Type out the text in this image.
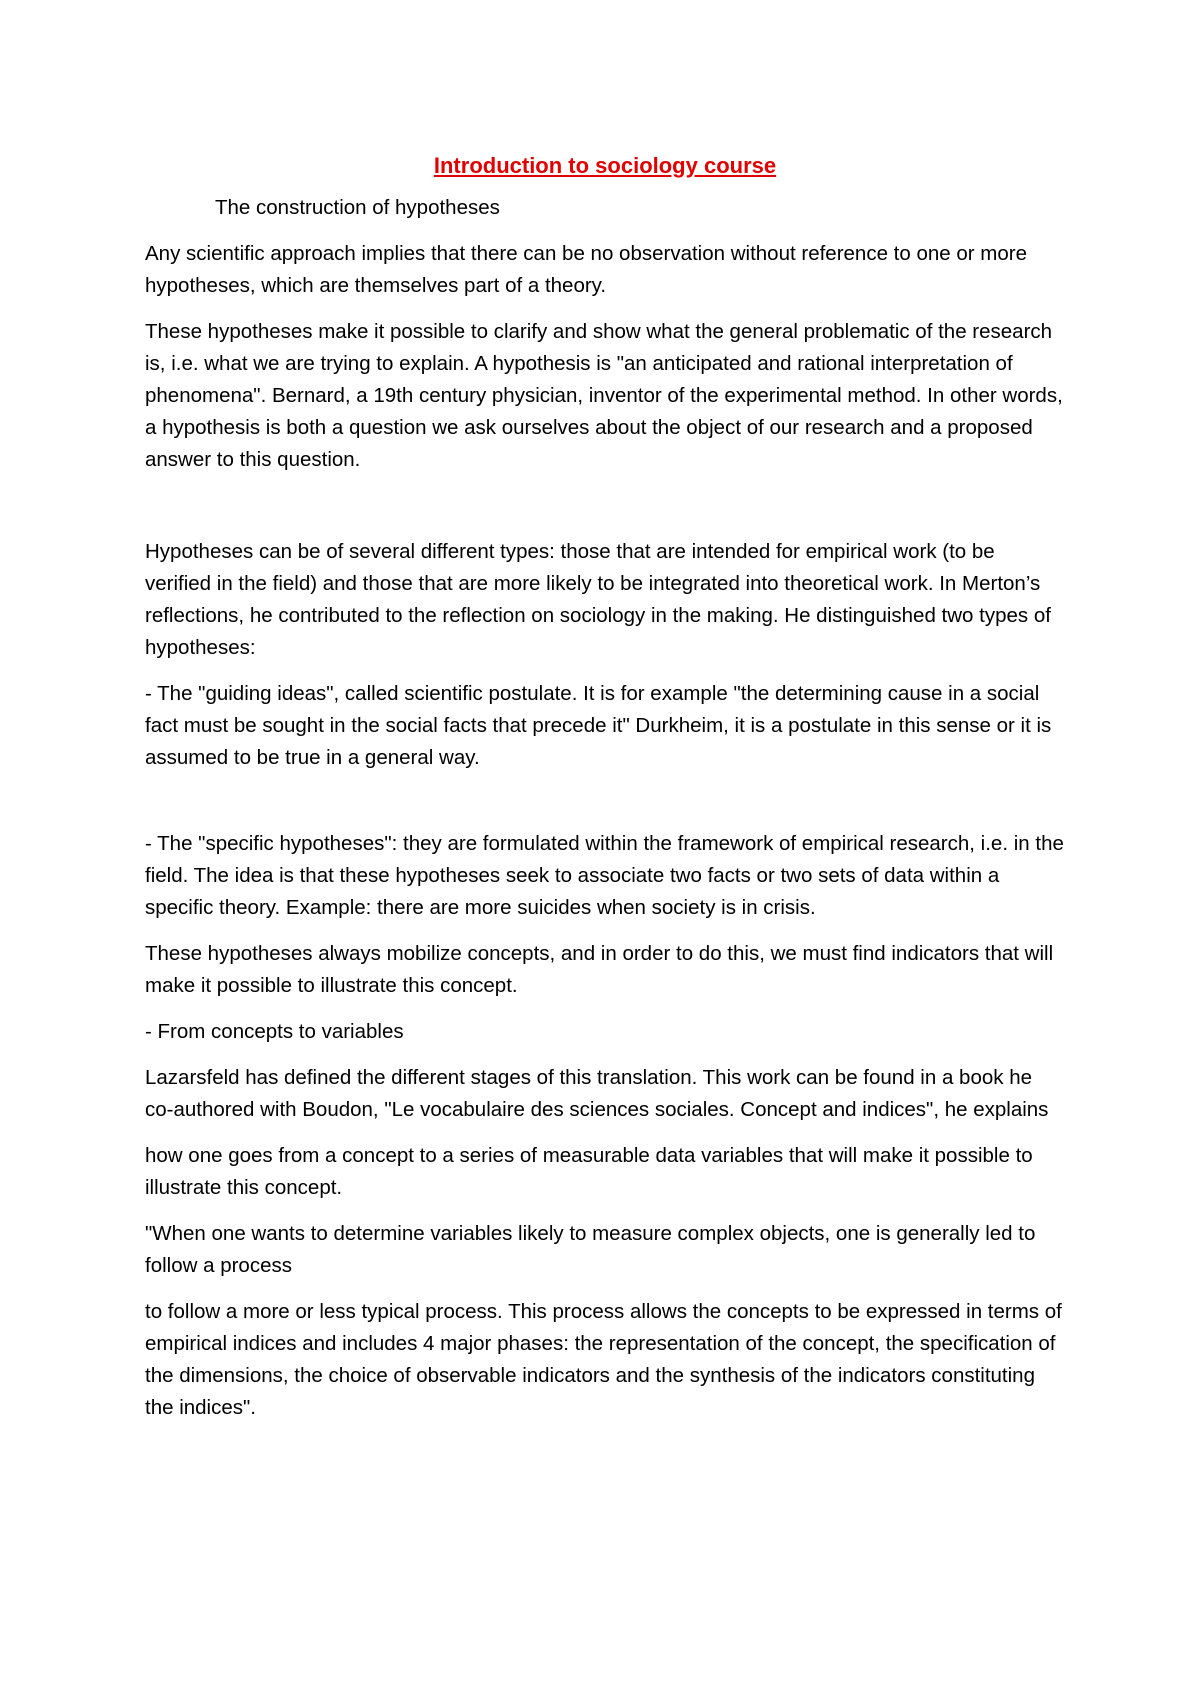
Introduction to sociology course
The construction of hypotheses

Any scientific approach implies that there can be no observation without reference to one or more hypotheses, which are themselves part of a theory.

These hypotheses make it possible to clarify and show what the general problematic of the research is, i.e. what we are trying to explain. A hypothesis is "an anticipated and rational interpretation of phenomena". Bernard, a 19th century physician, inventor of the experimental method. In other words, a hypothesis is both a question we ask ourselves about the object of our research and a proposed answer to this question.

Hypotheses can be of several different types: those that are intended for empirical work (to be verified in the field) and those that are more likely to be integrated into theoretical work. In Merton’s reflections, he contributed to the reflection on sociology in the making. He distinguished two types of hypotheses:

- The "guiding ideas", called scientific postulate. It is for example "the determining cause in a social fact must be sought in the social facts that precede it" Durkheim, it is a postulate in this sense or it is assumed to be true in a general way.

- The "specific hypotheses": they are formulated within the framework of empirical research, i.e. in the field. The idea is that these hypotheses seek to associate two facts or two sets of data within a specific theory. Example: there are more suicides when society is in crisis.

These hypotheses always mobilize concepts, and in order to do this, we must find indicators that will make it possible to illustrate this concept.

- From concepts to variables

Lazarsfeld has defined the different stages of this translation. This work can be found in a book he co-authored with Boudon, "Le vocabulaire des sciences sociales. Concept and indices", he explains

how one goes from a concept to a series of measurable data variables that will make it possible to illustrate this concept.

"When one wants to determine variables likely to measure complex objects, one is generally led to follow a process

to follow a more or less typical process. This process allows the concepts to be expressed in terms of empirical indices and includes 4 major phases: the representation of the concept, the specification of the dimensions, the choice of observable indicators and the synthesis of the indicators constituting the indices".
